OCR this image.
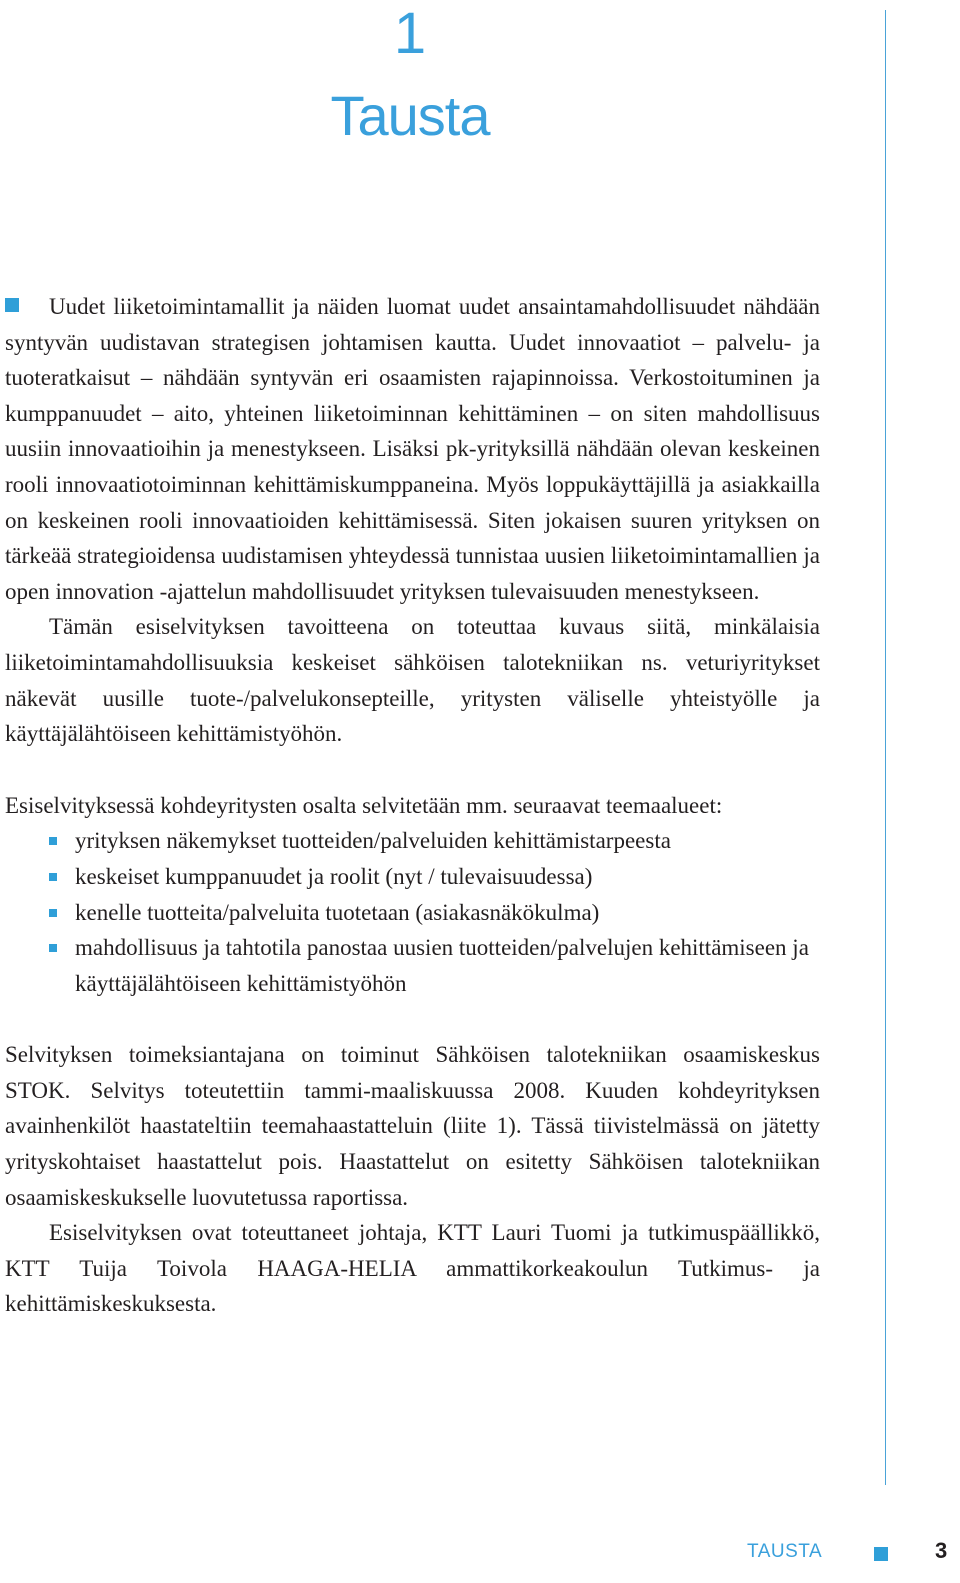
1
Tausta

Uudet liiketoimintamallit ja näiden luomat uudet ansaintamahdollisuudet nähdään syntyvän uudistavan strategisen johtamisen kautta. Uudet innovaatiot – palvelu- ja tuoteratkaisut – nähdään syntyvän eri osaamisten rajapinnoissa. Verkostoituminen ja kumppanuudet – aito, yhteinen liiketoiminnan kehittäminen – on siten mahdollisuus uusiin innovaatioihin ja menestykseen. Lisäksi pk-yrityksillä nähdään olevan keskeinen rooli innovaatiotoiminnan kehittämiskumppaneina. Myös loppukäyttäjillä ja asiakkailla on keskeinen rooli innovaatioiden kehittämisessä. Siten jokaisen suuren yrityksen on tärkeää strategioidensa uudistamisen yhteydessä tunnistaa uusien liiketoimintamallien ja open innovation -ajattelun mahdollisuudet yrityksen tulevaisuuden menestykseen.

Tämän esiselvityksen tavoitteena on toteuttaa kuvaus siitä, minkälaisia liiketoimintamahdollisuuksia keskeiset sähköisen talotekniikan ns. veturiyritykset näkevät uusille tuote-/palvelukonsepteille, yritysten väliselle yhteistyölle ja käyttäjälähtöiseen kehittämistyöhön.

Esiselvityksessä kohdeyritysten osalta selvitetään mm. seuraavat teemaalueet:

yrityksen näkemykset tuotteiden/palveluiden kehittämistarpeesta
keskeiset kumppanuudet ja roolit (nyt / tulevaisuudessa)
kenelle tuotteita/palveluita tuotetaan (asiakasnäkökulma)
mahdollisuus ja tahtotila panostaa uusien tuotteiden/palvelujen kehittämiseen ja käyttäjälähtöiseen kehittämistyöhön

Selvityksen toimeksiantajana on toiminut Sähköisen talotekniikan osaamiskeskus STOK. Selvitys toteutettiin tammi-maaliskuussa 2008. Kuuden kohdeyrityksen avainhenkilöt haastateltiin teemahaastatteluin (liite 1). Tässä tiivistelmässä on jätetty yrityskohtaiset haastattelut pois. Haastattelut on esitetty Sähköisen talotekniikan osaamiskeskukselle luovutetussa raportissa.

Esiselvityksen ovat toteuttaneet johtaja, KTT Lauri Tuomi ja tutkimuspäällikkö, KTT Tuija Toivola HAAGA-HELIA ammattikorkeakoulun Tutkimus- ja kehittämiskeskuksesta.

TAUSTA	3
